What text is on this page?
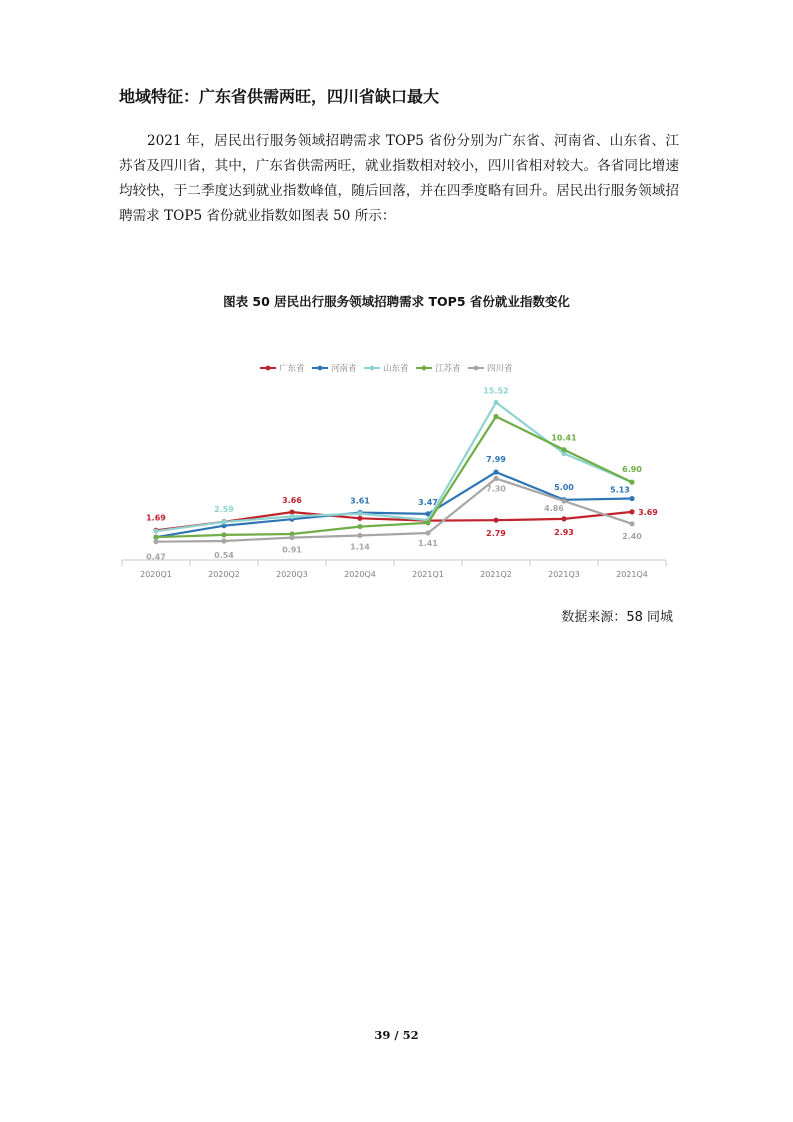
地域特征：广东省供需两旺，四川省缺口最大

2021 年，居民出行服务领域招聘需求 TOP5 省份分别为广东省、河南省、山东省、江苏省及四川省，其中，广东省供需两旺，就业指数相对较小，四川省相对较大。各省同比增速均较快，于二季度达到就业指数峰值，随后回落，并在四季度略有回升。居民出行服务领域招聘需求 TOP5 省份就业指数如图表 50 所示：

图表 50 居民出行服务领域招聘需求 TOP5 省份就业指数变化

2020Q1	2020Q2	2020Q3	2020Q4	2021Q1	2021Q2	2021Q3	2021Q4
广东省	河南省	山东省	江苏省	四川省
1.69
3.66
2.79	2.93
3.69
3.61	3.47
7.99
5.00	5.13
2.59
15.52
10.41
6.90
0.47	0.54
0.91	1.14	1.41
7.30
4.86
2.40
数据来源：58 同城
39 / 52
